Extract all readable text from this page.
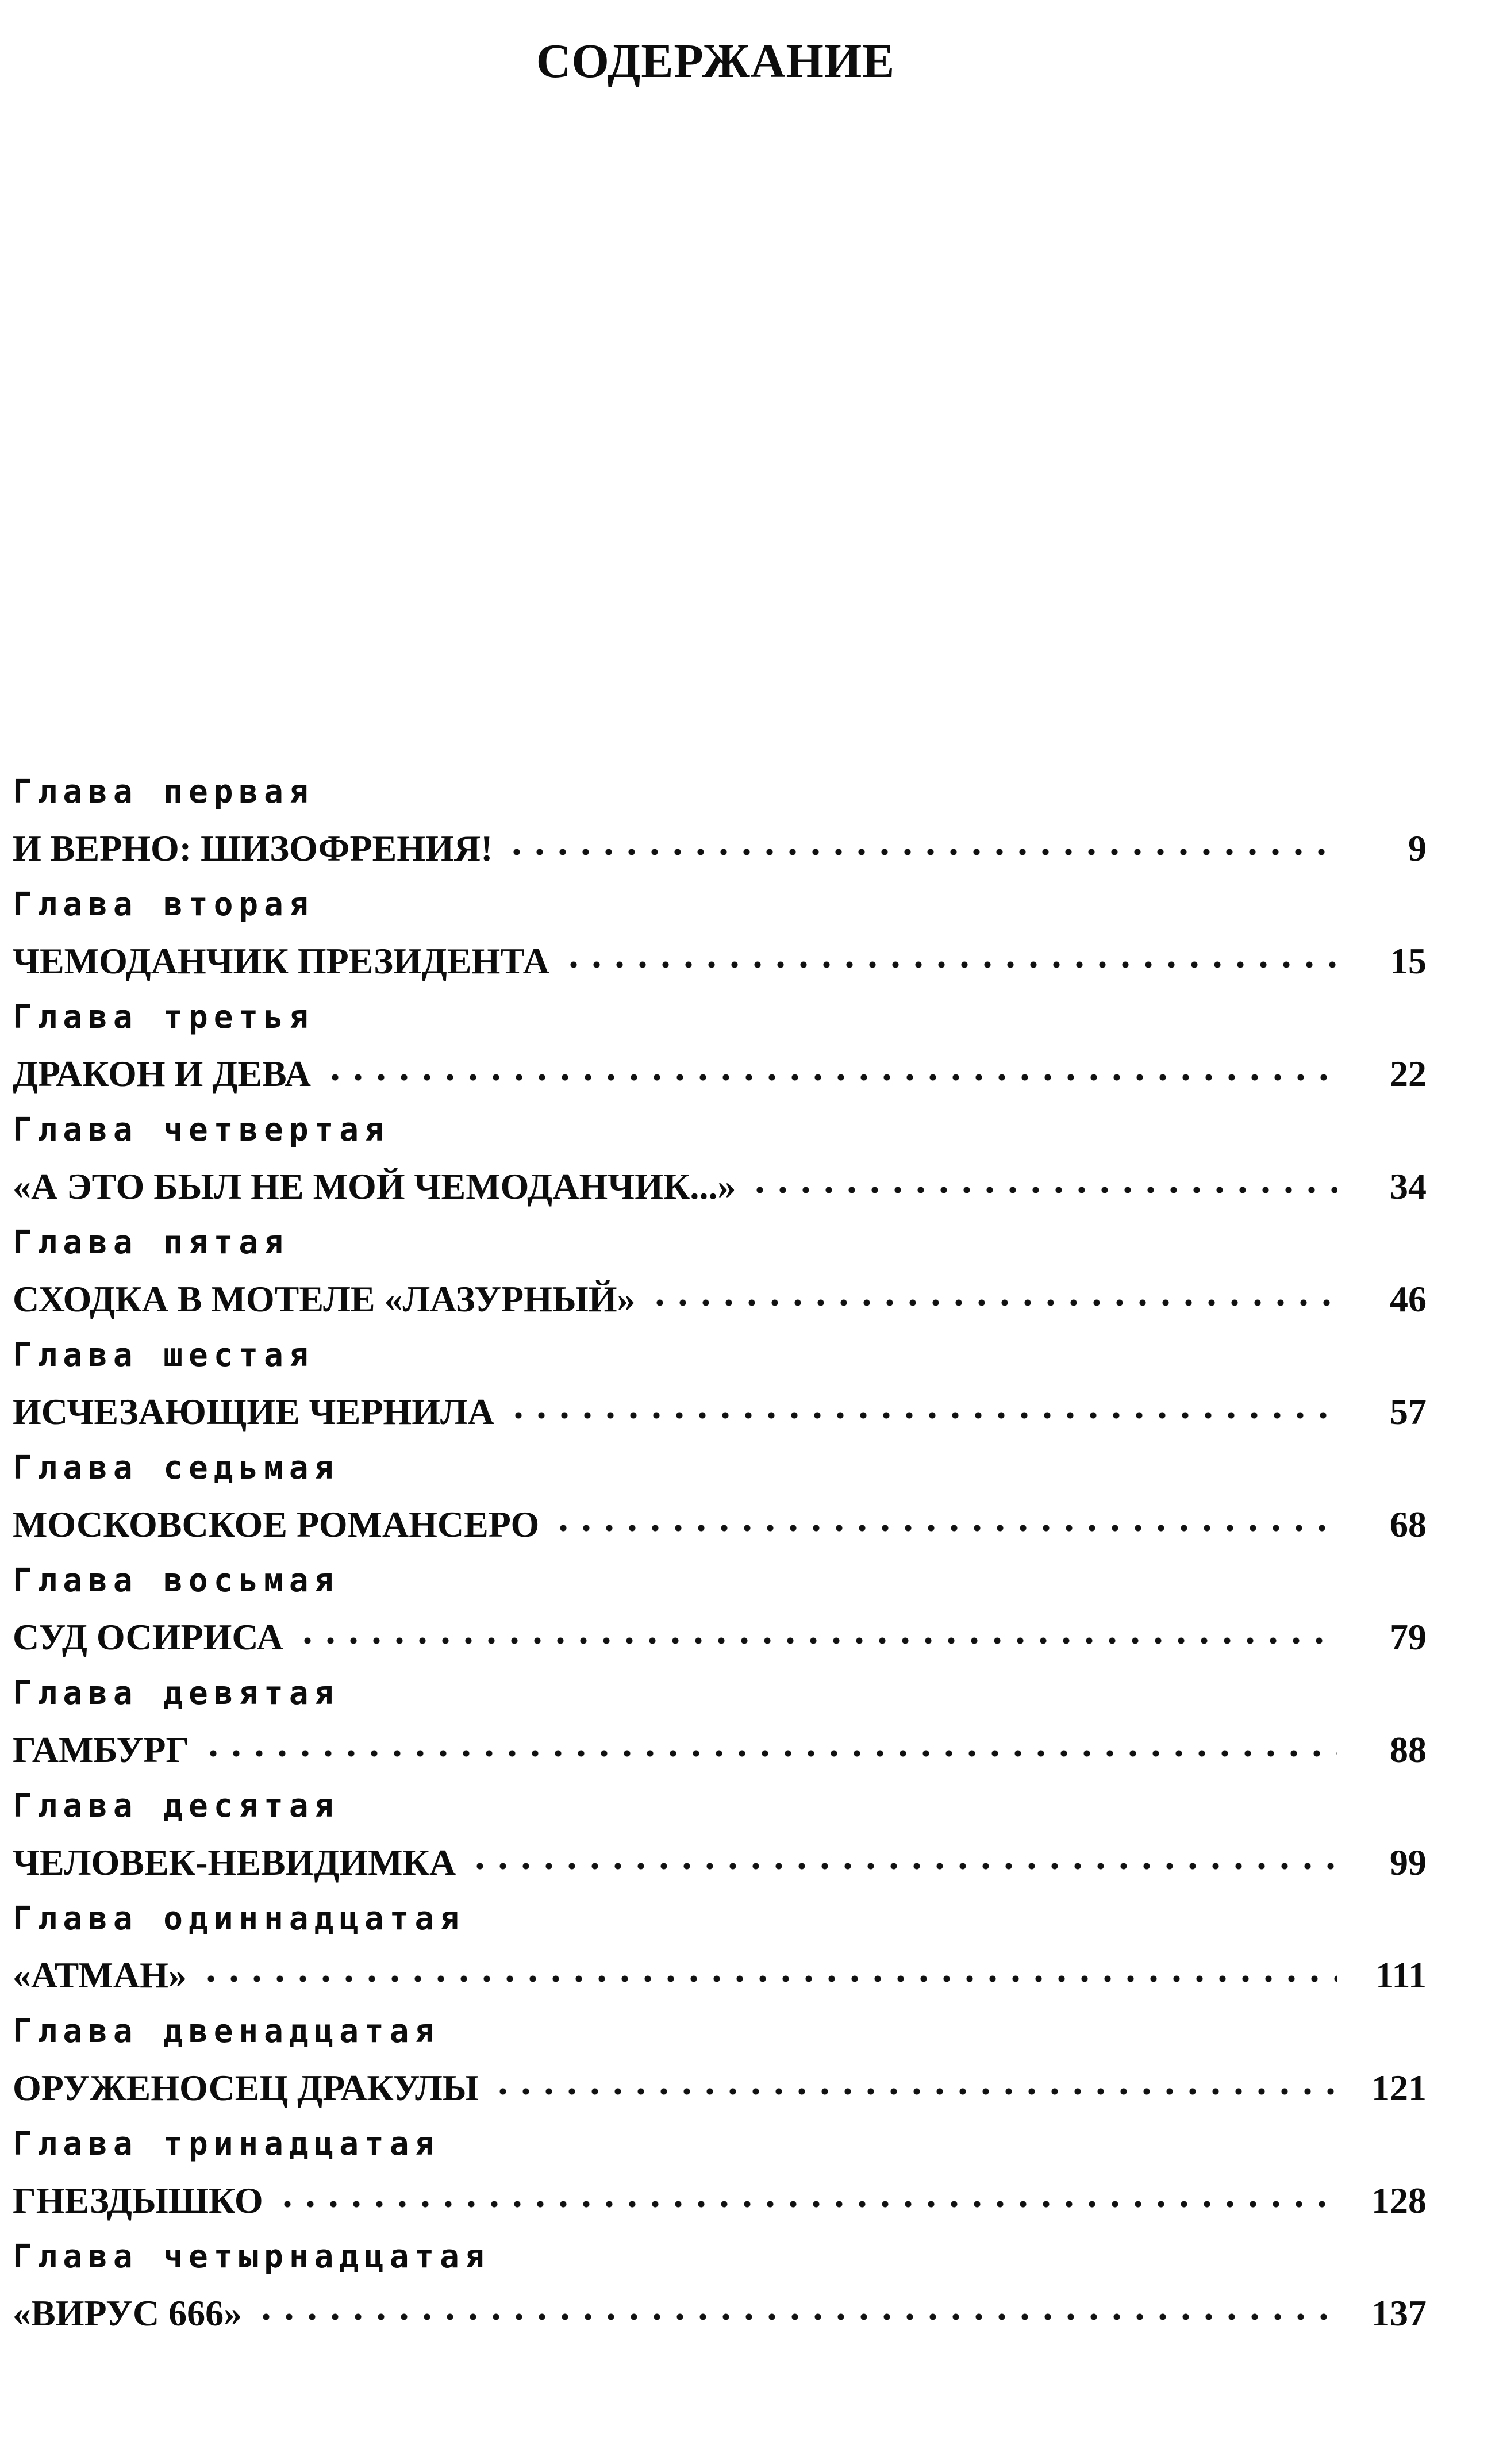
СОДЕРЖАНИЕ
Глава первая
И ВЕРНО: ШИЗОФРЕНИЯ!	9
Глава вторая
ЧЕМОДАНЧИК ПРЕЗИДЕНТА	15
Глава третья
ДРАКОН И ДЕВА	22
Глава четвертая
«А ЭТО БЫЛ НЕ МОЙ ЧЕМОДАНЧИК...»	34
Глава пятая
СХОДКА В МОТЕЛЕ «ЛАЗУРНЫЙ»	46
Глава шестая
ИСЧЕЗАЮЩИЕ ЧЕРНИЛА	57
Глава седьмая
МОСКОВСКОЕ РОМАНСЕРО	68
Глава восьмая
СУД ОСИРИСА	79
Глава девятая
ГАМБУРГ	88
Глава десятая
ЧЕЛОВЕК-НЕВИДИМКА	99
Глава одиннадцатая
«АТМАН»	111
Глава двенадцатая
ОРУЖЕНОСЕЦ ДРАКУЛЫ	121
Глава тринадцатая
ГНЕЗДЫШКО	128
Глава четырнадцатая
«ВИРУС 666»	137
